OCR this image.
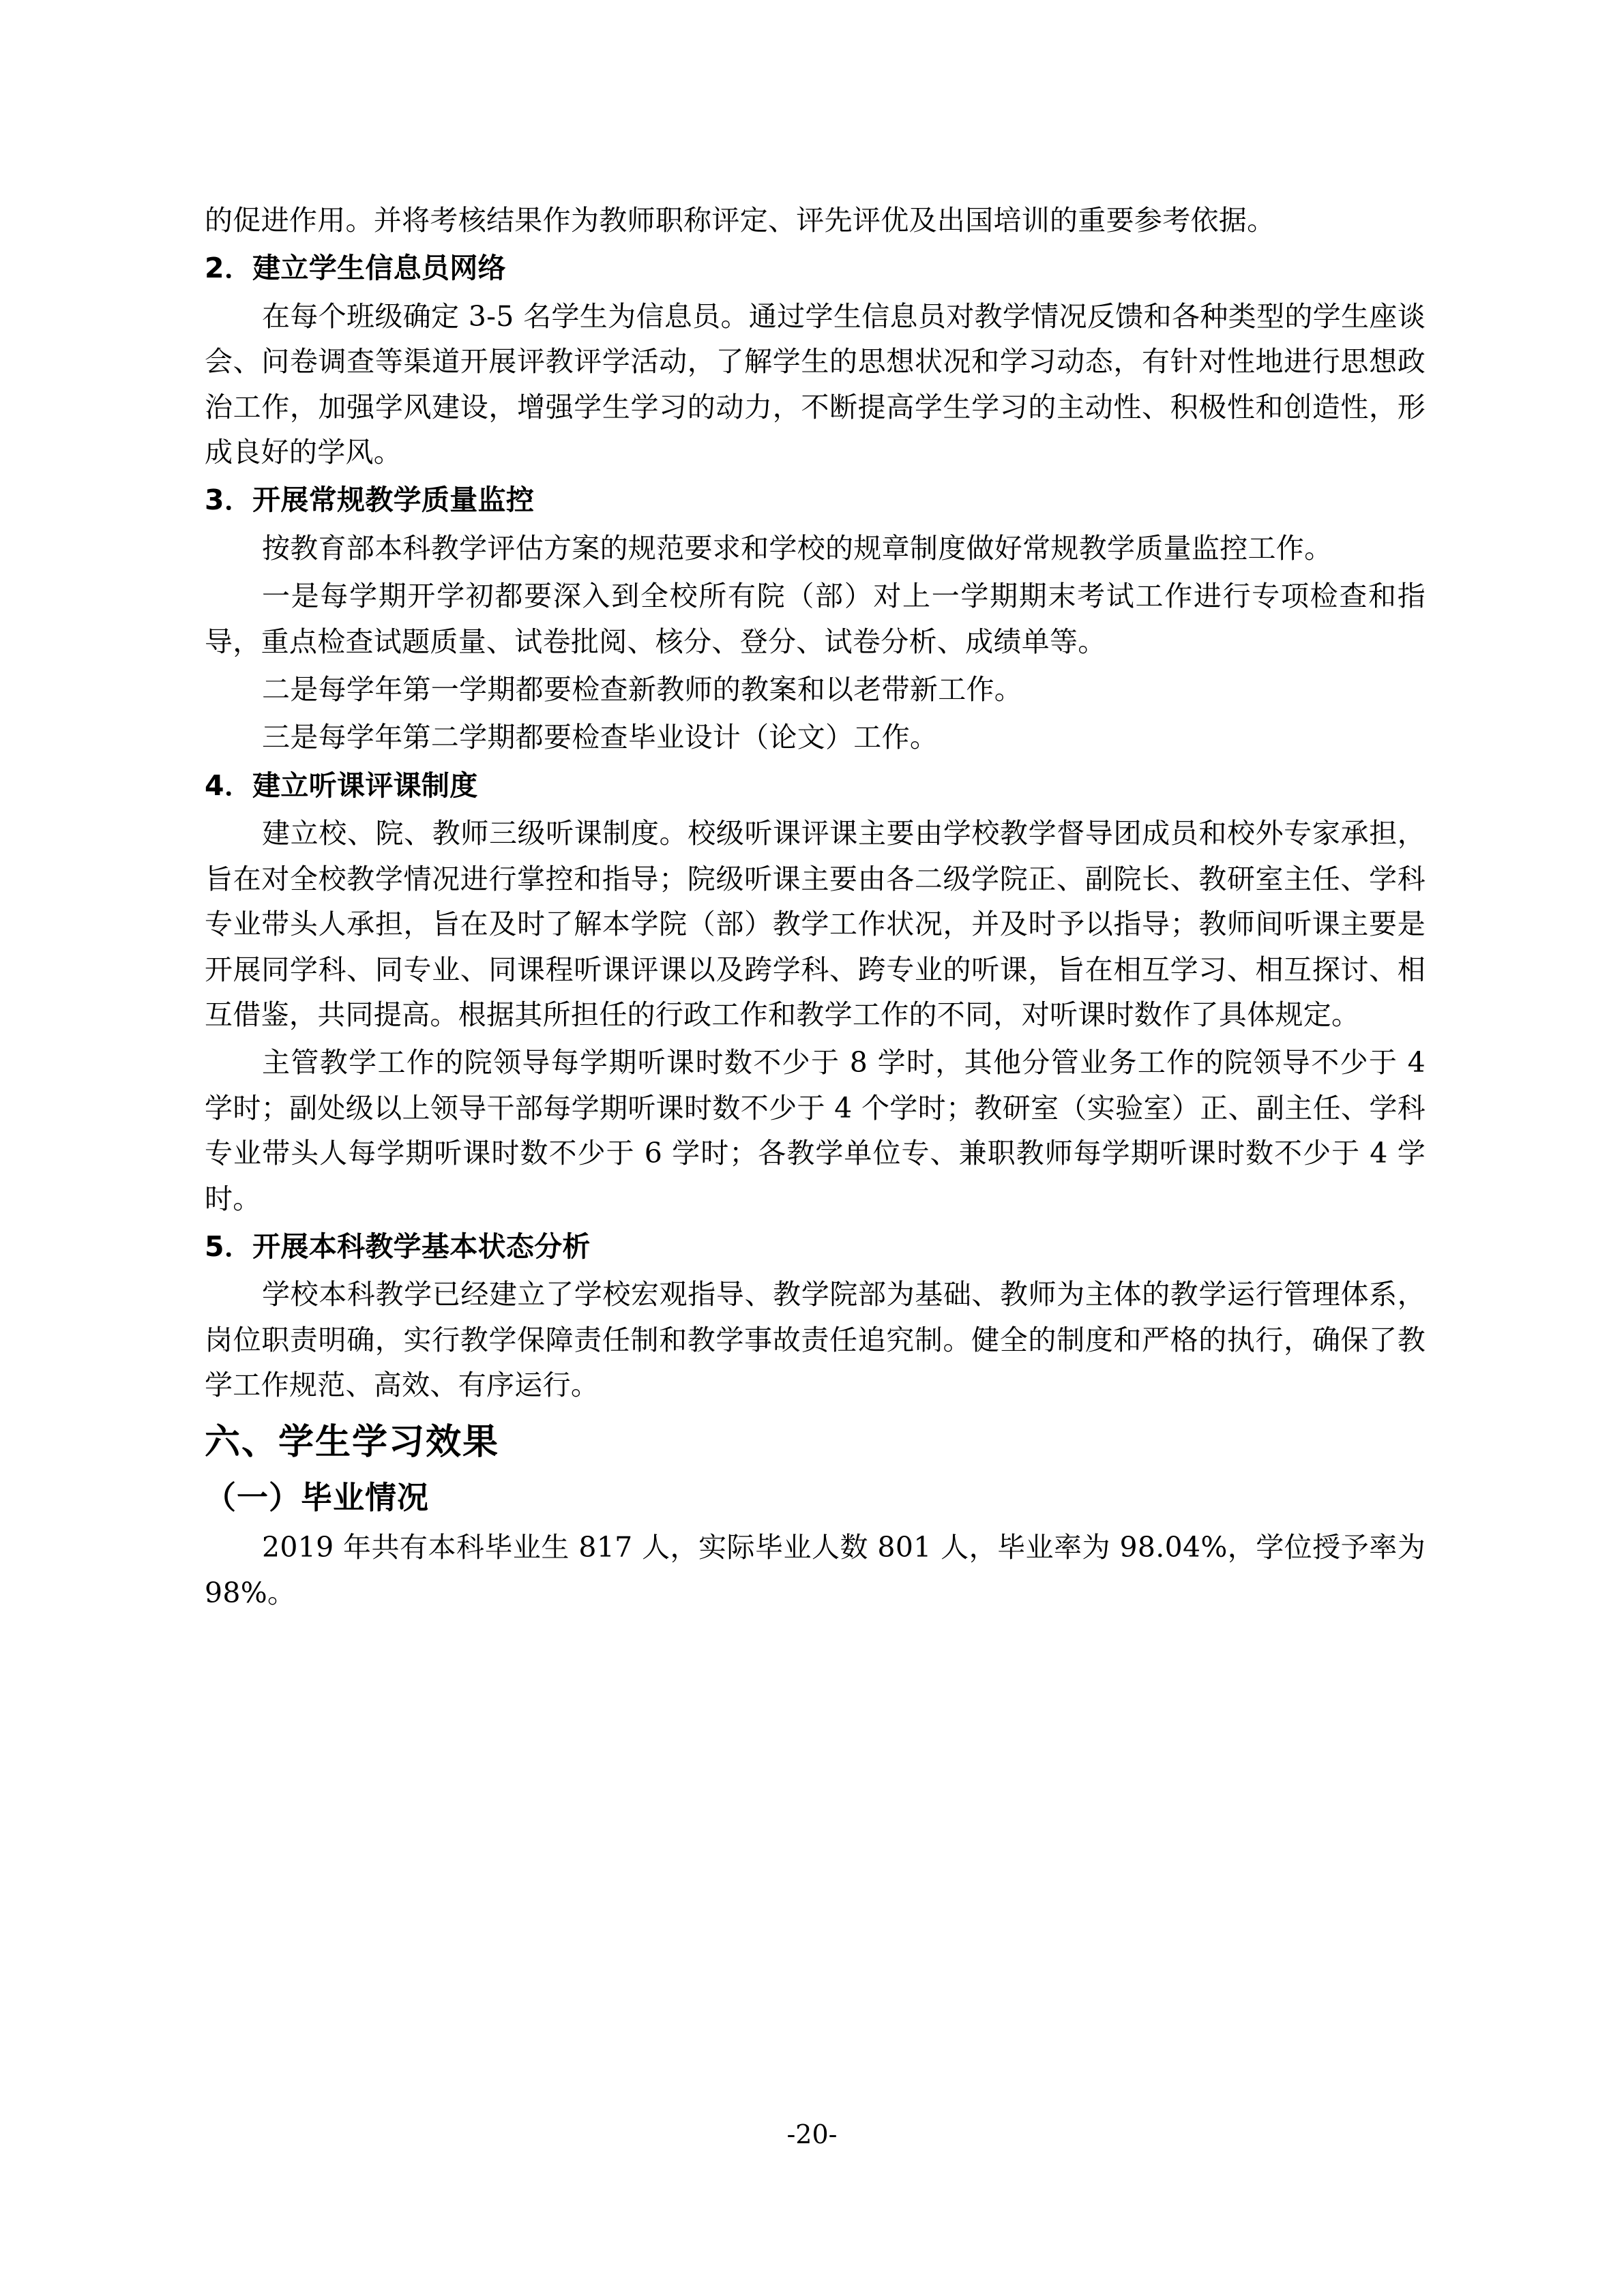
的促进作用。并将考核结果作为教师职称评定、评先评优及出国培训的重要参考依据。

2．建立学生信息员网络

在每个班级确定 3-5 名学生为信息员。通过学生信息员对教学情况反馈和各种类型的学生座谈会、问卷调查等渠道开展评教评学活动，了解学生的思想状况和学习动态，有针对性地进行思想政治工作，加强学风建设，增强学生学习的动力，不断提高学生学习的主动性、积极性和创造性，形成良好的学风。

3．开展常规教学质量监控

按教育部本科教学评估方案的规范要求和学校的规章制度做好常规教学质量监控工作。

一是每学期开学初都要深入到全校所有院（部）对上一学期期末考试工作进行专项检查和指导，重点检查试题质量、试卷批阅、核分、登分、试卷分析、成绩单等。

二是每学年第一学期都要检查新教师的教案和以老带新工作。

三是每学年第二学期都要检查毕业设计（论文）工作。

4．建立听课评课制度

建立校、院、教师三级听课制度。校级听课评课主要由学校教学督导团成员和校外专家承担，旨在对全校教学情况进行掌控和指导；院级听课主要由各二级学院正、副院长、教研室主任、学科专业带头人承担，旨在及时了解本学院（部）教学工作状况，并及时予以指导；教师间听课主要是开展同学科、同专业、同课程听课评课以及跨学科、跨专业的听课，旨在相互学习、相互探讨、相互借鉴，共同提高。根据其所担任的行政工作和教学工作的不同，对听课时数作了具体规定。

主管教学工作的院领导每学期听课时数不少于 8 学时，其他分管业务工作的院领导不少于 4 学时；副处级以上领导干部每学期听课时数不少于 4 个学时；教研室（实验室）正、副主任、学科专业带头人每学期听课时数不少于 6 学时；各教学单位专、兼职教师每学期听课时数不少于 4 学时。

5．开展本科教学基本状态分析

学校本科教学已经建立了学校宏观指导、教学院部为基础、教师为主体的教学运行管理体系，岗位职责明确，实行教学保障责任制和教学事故责任追究制。健全的制度和严格的执行，确保了教学工作规范、高效、有序运行。

六、学生学习效果

（一）毕业情况

2019 年共有本科毕业生 817 人，实际毕业人数 801 人，毕业率为 98.04%，学位授予率为 98%。

-20-
